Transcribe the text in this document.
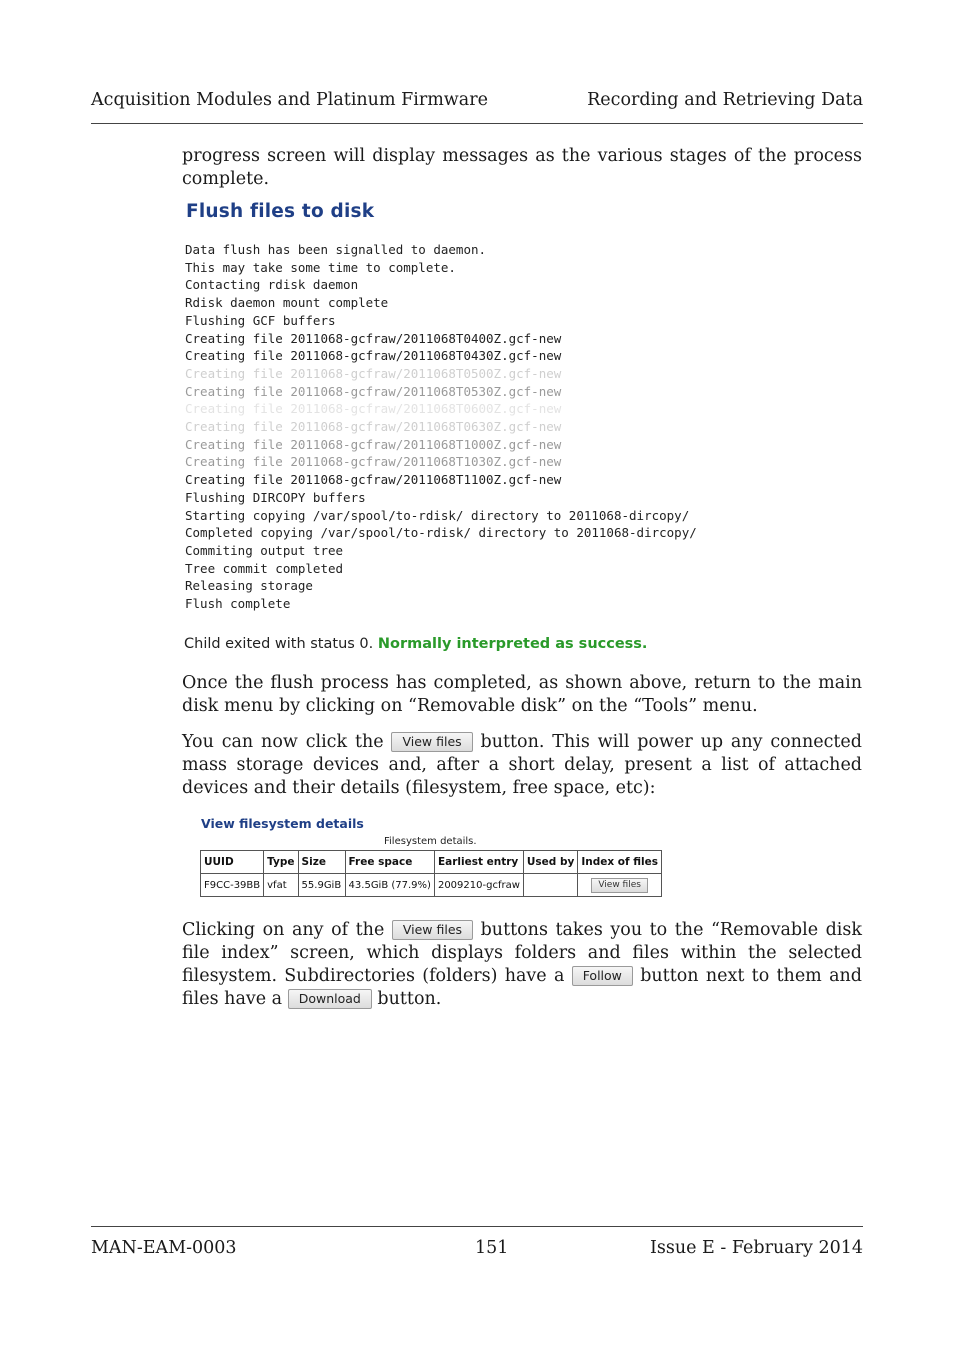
Acquisition Modules and Platinum Firmware	Recording and Retrieving Data

progress screen will display messages as the various stages of the process complete.

Flush files to disk
Data flush has been signalled to daemon.
This may take some time to complete.
Contacting rdisk daemon
Rdisk daemon mount complete
Flushing GCF buffers
Creating file 2011068-gcfraw/2011068T0400Z.gcf-new
Creating file 2011068-gcfraw/2011068T0430Z.gcf-new
Creating file 2011068-gcfraw/2011068T0500Z.gcf-new
Creating file 2011068-gcfraw/2011068T0530Z.gcf-new
Creating file 2011068-gcfraw/2011068T0600Z.gcf-new
Creating file 2011068-gcfraw/2011068T0630Z.gcf-new
Creating file 2011068-gcfraw/2011068T1000Z.gcf-new
Creating file 2011068-gcfraw/2011068T1030Z.gcf-new
Creating file 2011068-gcfraw/2011068T1100Z.gcf-new
Flushing DIRCOPY buffers
Starting copying /var/spool/to-rdisk/ directory to 2011068-dircopy/
Completed copying /var/spool/to-rdisk/ directory to 2011068-dircopy/
Commiting output tree
Tree commit completed
Releasing storage
Flush complete
Child exited with status 0. Normally interpreted as success.

Once the flush process has completed, as shown above, return to the main disk menu by clicking on “Removable disk” on the “Tools” menu.

You can now click the View files button. This will power up any connected mass storage devices and, after a short delay, present a list of attached devices and their details (filesystem, free space, etc):

View filesystem details
Filesystem details.
UUID	Type	Size	Free space	Earliest entry	Used by	Index of files
F9CC-39BB	vfat	55.9GiB	43.5GiB (77.9%)	2009210-gcfraw		View files

Clicking on any of the View files buttons takes you to the “Removable disk file index” screen, which displays folders and files within the selected filesystem. Subdirectories (folders) have a Follow button next to them and files have a Download button.

MAN-EAM-0003	151	Issue E - February 2014
